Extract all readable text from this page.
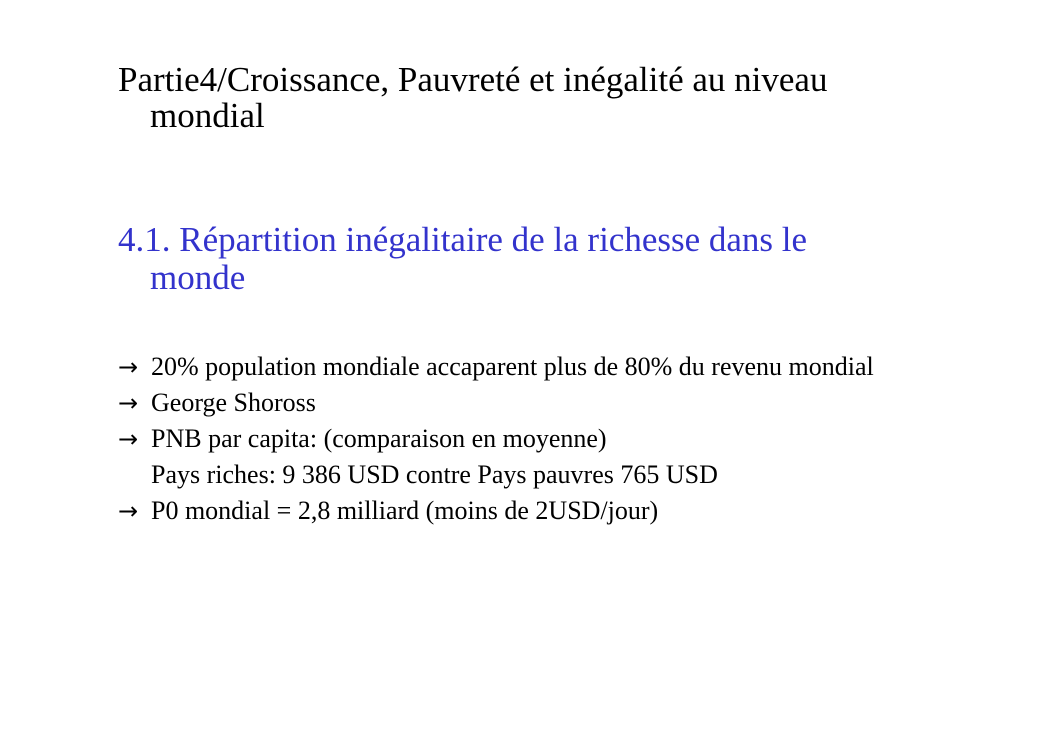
Partie4/Croissance, Pauvreté et inégalité au niveau
mondial
4.1. Répartition inégalitaire de la richesse dans le
monde
→ 20% population mondiale accaparent plus de 80% du revenu mondial
→ George Shoross
→ PNB par capita: (comparaison en moyenne)
Pays riches: 9 386 USD contre Pays pauvres 765 USD
→ P0 mondial = 2,8 milliard (moins de 2USD/jour)
